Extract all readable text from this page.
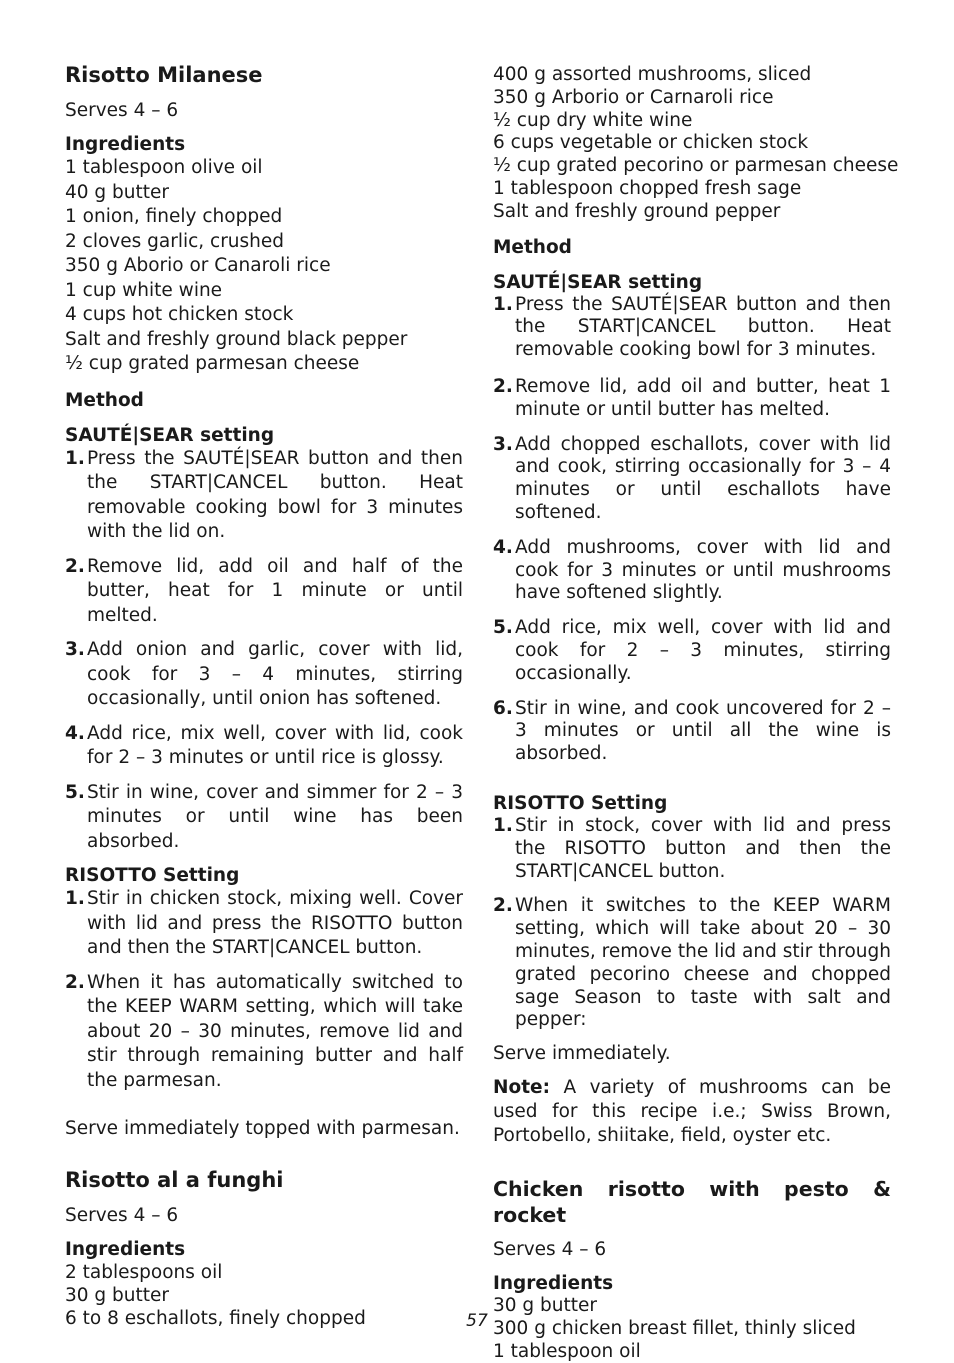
Risotto Milanese
Serves 4 – 6
Ingredients
1 tablespoon olive oil
40 g butter
1 onion, finely chopped
2 cloves garlic, crushed
350 g Aborio or Canaroli rice
1 cup white wine
4 cups hot chicken stock
Salt and freshly ground black pepper
½ cup grated parmesan cheese
Method
SAUTÉ|SEAR setting
1. Press the SAUTÉ|SEAR button and then the START|CANCEL button. Heat removable cooking bowl for 3 minutes with the lid on.
2. Remove lid, add oil and half of the butter, heat for 1 minute or until melted.
3. Add onion and garlic, cover with lid, cook for 3 – 4 minutes, stirring occasionally, until onion has softened.
4. Add rice, mix well, cover with lid, cook for 2 – 3 minutes or until rice is glossy.
5. Stir in wine, cover and simmer for 2 – 3 minutes or until wine has been absorbed.
RISOTTO Setting
1. Stir in chicken stock, mixing well. Cover with lid and press the RISOTTO button and then the START|CANCEL button.
2. When it has automatically switched to the KEEP WARM setting, which will take about 20 – 30 minutes, remove lid and stir through remaining butter and half the parmesan.

Serve immediately topped with parmesan.

Risotto al a funghi
Serves 4 – 6
Ingredients
2 tablespoons oil
30 g butter
6 to 8 eschallots, finely chopped
400 g assorted mushrooms, sliced
350 g Arborio or Carnaroli rice
½ cup dry white wine
6 cups vegetable or chicken stock
½ cup grated pecorino or parmesan cheese
1 tablespoon chopped fresh sage
Salt and freshly ground pepper
Method
SAUTÉ|SEAR setting
1. Press the SAUTÉ|SEAR button and then the START|CANCEL button. Heat removable cooking bowl for 3 minutes.
2. Remove lid, add oil and butter, heat 1 minute or until butter has melted.
3. Add chopped eschallots, cover with lid and cook, stirring occasionally for 3 – 4 minutes or until eschallots have softened.
4. Add mushrooms, cover with lid and cook for 3 minutes or until mushrooms have softened slightly.
5. Add rice, mix well, cover with lid and cook for 2 – 3 minutes, stirring occasionally.
6. Stir in wine, and cook uncovered for 2 – 3 minutes or until all the wine is absorbed.
RISOTTO Setting
1. Stir in stock, cover with lid and press the RISOTTO button and then the START|CANCEL button.
2. When it switches to the KEEP WARM setting, which will take about 20 – 30 minutes, remove the lid and stir through grated pecorino cheese and chopped sage Season to taste with salt and pepper:

Serve immediately.

Note: A variety of mushrooms can be used for this recipe i.e.; Swiss Brown, Portobello, shiitake, field, oyster etc.

Chicken risotto with pesto & rocket
Serves 4 – 6
Ingredients
30 g butter
300 g chicken breast fillet, thinly sliced
1 tablespoon oil
57
